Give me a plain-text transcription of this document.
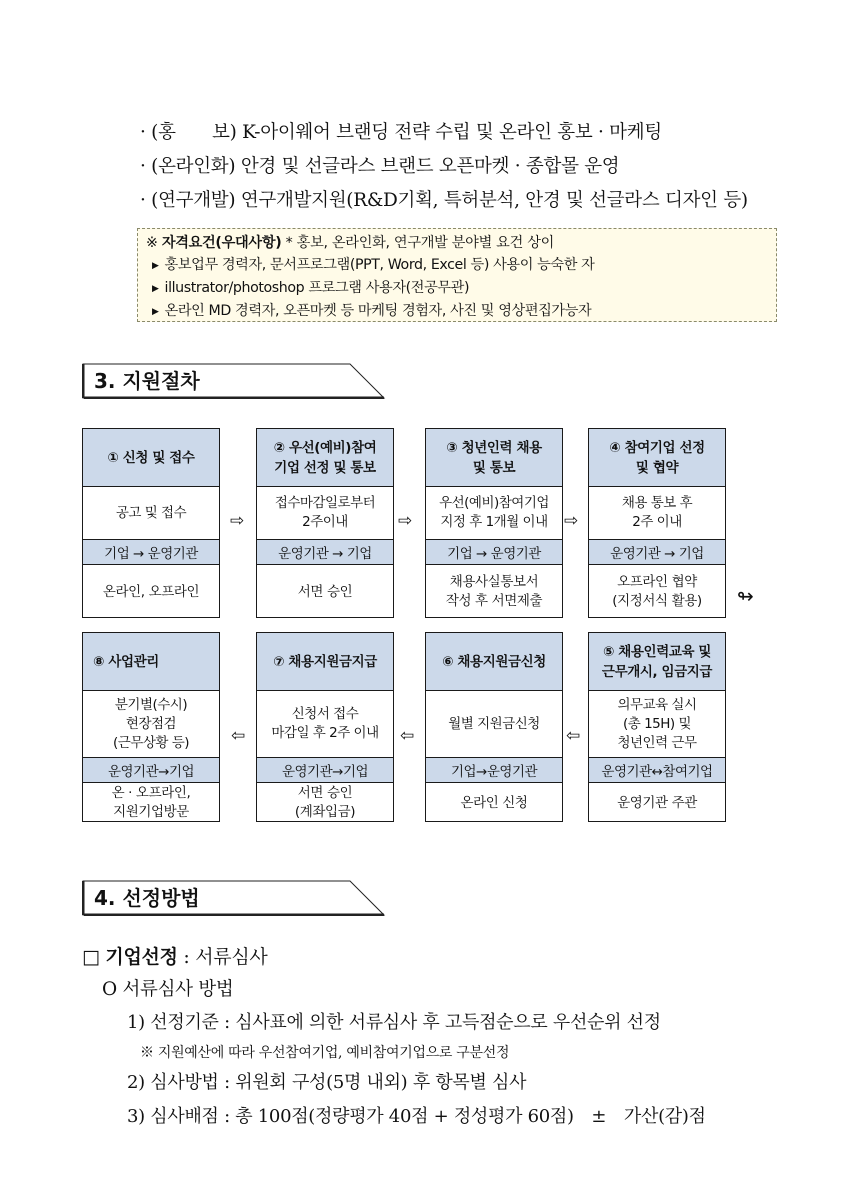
· (홍　　보) K-아이웨어 브랜딩 전략 수립 및 온라인 홍보 · 마케팅
· (온라인화) 안경 및 선글라스 브랜드 오픈마켓 · 종합몰 운영
· (연구개발) 연구개발지원(R&D기획, 특허분석, 안경 및 선글라스 디자인 등)
※ 자격요건(우대사항) * 홍보, 온라인화, 연구개발 분야별 요건 상이
▶ 홍보업무 경력자, 문서프로그램(PPT, Word, Excel 등) 사용이 능숙한 자
▶ illustrator/photoshop 프로그램 사용자(전공무관)
▶ 온라인 MD 경력자, 오픈마켓 등 마케팅 경험자, 사진 및 영상편집가능자
3. 지원절차
① 신청 및 접수
공고 및 접수
기업 → 운영기관
온라인, 오프라인
② 우선(예비)참여
기업 선정 및 통보
접수마감일로부터
2주이내
운영기관 → 기업
서면 승인
③ 청년인력 채용
및 통보
우선(예비)참여기업
지정 후 1개월 이내
기업 → 운영기관
채용사실통보서
작성 후 서면제출
④ 참여기업 선정
및 협약
채용 통보 후
2주 이내
운영기관 → 기업
오프라인 협약
(지정서식 활용)
⇨	⇨	⇨
↬
⑧ 사업관리
분기별(수시)
현장점검
(근무상황 등)
운영기관→기업
온 · 오프라인,
지원기업방문
⑦ 채용지원금지급
신청서 접수
마감일 후 2주 이내
운영기관→기업
서면 승인
(계좌입금)
⑥ 채용지원금신청
월별 지원금신청
기업→운영기관
온라인 신청
⑤ 채용인력교육 및
근무개시, 임금지급
의무교육 실시
(총 15H) 및
청년인력 근무
운영기관↔참여기업
운영기관 주관
⇦	⇦	⇦
4. 선정방법
□ 기업선정 : 서류심사
O 서류심사 방법
1) 선정기준 : 심사표에 의한 서류심사 후 고득점순으로 우선순위 선정
※ 지원예산에 따라 우선참여기업, 예비참여기업으로 구분선정
2) 심사방법 : 위원회 구성(5명 내외) 후 항목별 심사
3) 심사배점 : 총 100점(정량평가 40점 + 정성평가 60점)　±　가산(감)점
